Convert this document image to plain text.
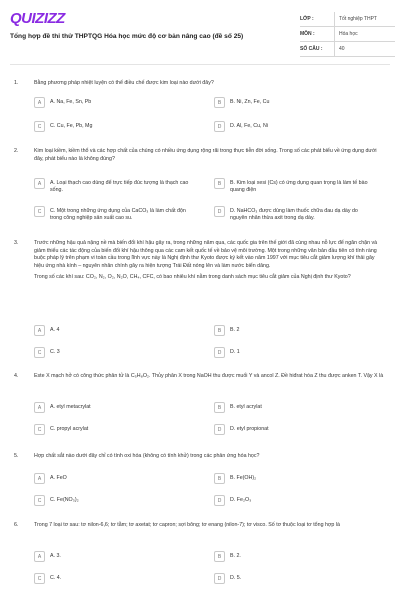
QUIZIZZ
Tổng hợp đề thi thử THPTQG Hóa học mức độ cơ bản nâng cao (đề số 25)
LỚP :	Tốt nghiệp THPT
MÔN :	Hóa học
SỐ CÂU :	40
1.	Bằng phương pháp nhiệt luyện có thể điều chế được kim loại nào dưới đây?

A	A. Na, Fe, Sn, Pb	B	B. Ni, Zn, Fe, Cu
C	C. Cu, Fe, Pb, Mg	D	D. Al, Fe, Cu, Ni
2.	Kim loại kiềm, kiềm thổ và các hợp chất của chúng có nhiều ứng dụng rộng rãi trong thực tiễn đời sống. Trong số các phát biểu về ứng dụng dưới đây, phát biểu nào là không đúng?

A	A. Loại thạch cao dùng để trực tiếp đúc tượng là thạch cao sống.
B	B. Kim loại xesi (Cs) có ứng dụng quan trọng là làm tế bào quang điện
C	C. Một trong những ứng dụng của CaCO₃ là làm chất độn trong công nghiệp sản xuất cao su.
D	D. NaHCO₃ được dùng làm thuốc chữa đau dạ dày do nguyên nhân thừa axit trong dạ dày.
3.	Trước những hậu quả nặng nề mà biến đổi khí hậu gây ra, trong những năm qua, các quốc gia trên thế giới đã cùng nhau nỗ lực để ngăn chặn và giảm thiểu các tác động của biến đổi khí hậu thông qua các cam kết quốc tế về bảo vệ môi trường. Một trong những văn bản đầu tiên có tính ràng buộc pháp lý trên phạm vi toàn cầu trong lĩnh vực này là Nghị định thư Kyoto được ký kết vào năm 1997 với mục tiêu cắt giảm lượng khí thải gây hiệu ứng nhà kính – nguyên nhân chính gây ra hiện tượng Trái Đất nóng lên và làm nước biển dâng.

Trong số các khí sau: CO₂, N₂, O₂, N₂O, CH₄, CFC, có bao nhiêu khí nằm trong danh sách mục tiêu cắt giảm của Nghị định thư Kyoto?

A	A. 4	B	B. 2
C	C. 3	D	D. 1
4.	Este X mạch hở có công thức phân tử là C₅H₈O₂. Thủy phân X trong NaOH thu được muối Y và ancol Z. Đề hiđrat hóa Z thu được anken T. Vậy X là

A	A. etyl metacrylat	B	B. etyl acrylat
C	C. propyl acrylat	D	D. etyl propionat
5.	Hợp chất sắt nào dưới đây chỉ có tính oxi hóa (không có tính khử) trong các phản ứng hóa học?

A	A. FeO	B	B. Fe(OH)₂
C	C. Fe(NO₃)₂	D	D. Fe₂O₃
6.	Trong 7 loại tơ sau: tơ nilon-6,6; tơ tằm; tơ axetat; tơ capron; sợi bông; tơ enang (nilon-7); tơ visco. Số tơ thuộc loại tơ tổng hợp là

A	A. 3.	B	B. 2.
C	C. 4.	D	D. 5.
